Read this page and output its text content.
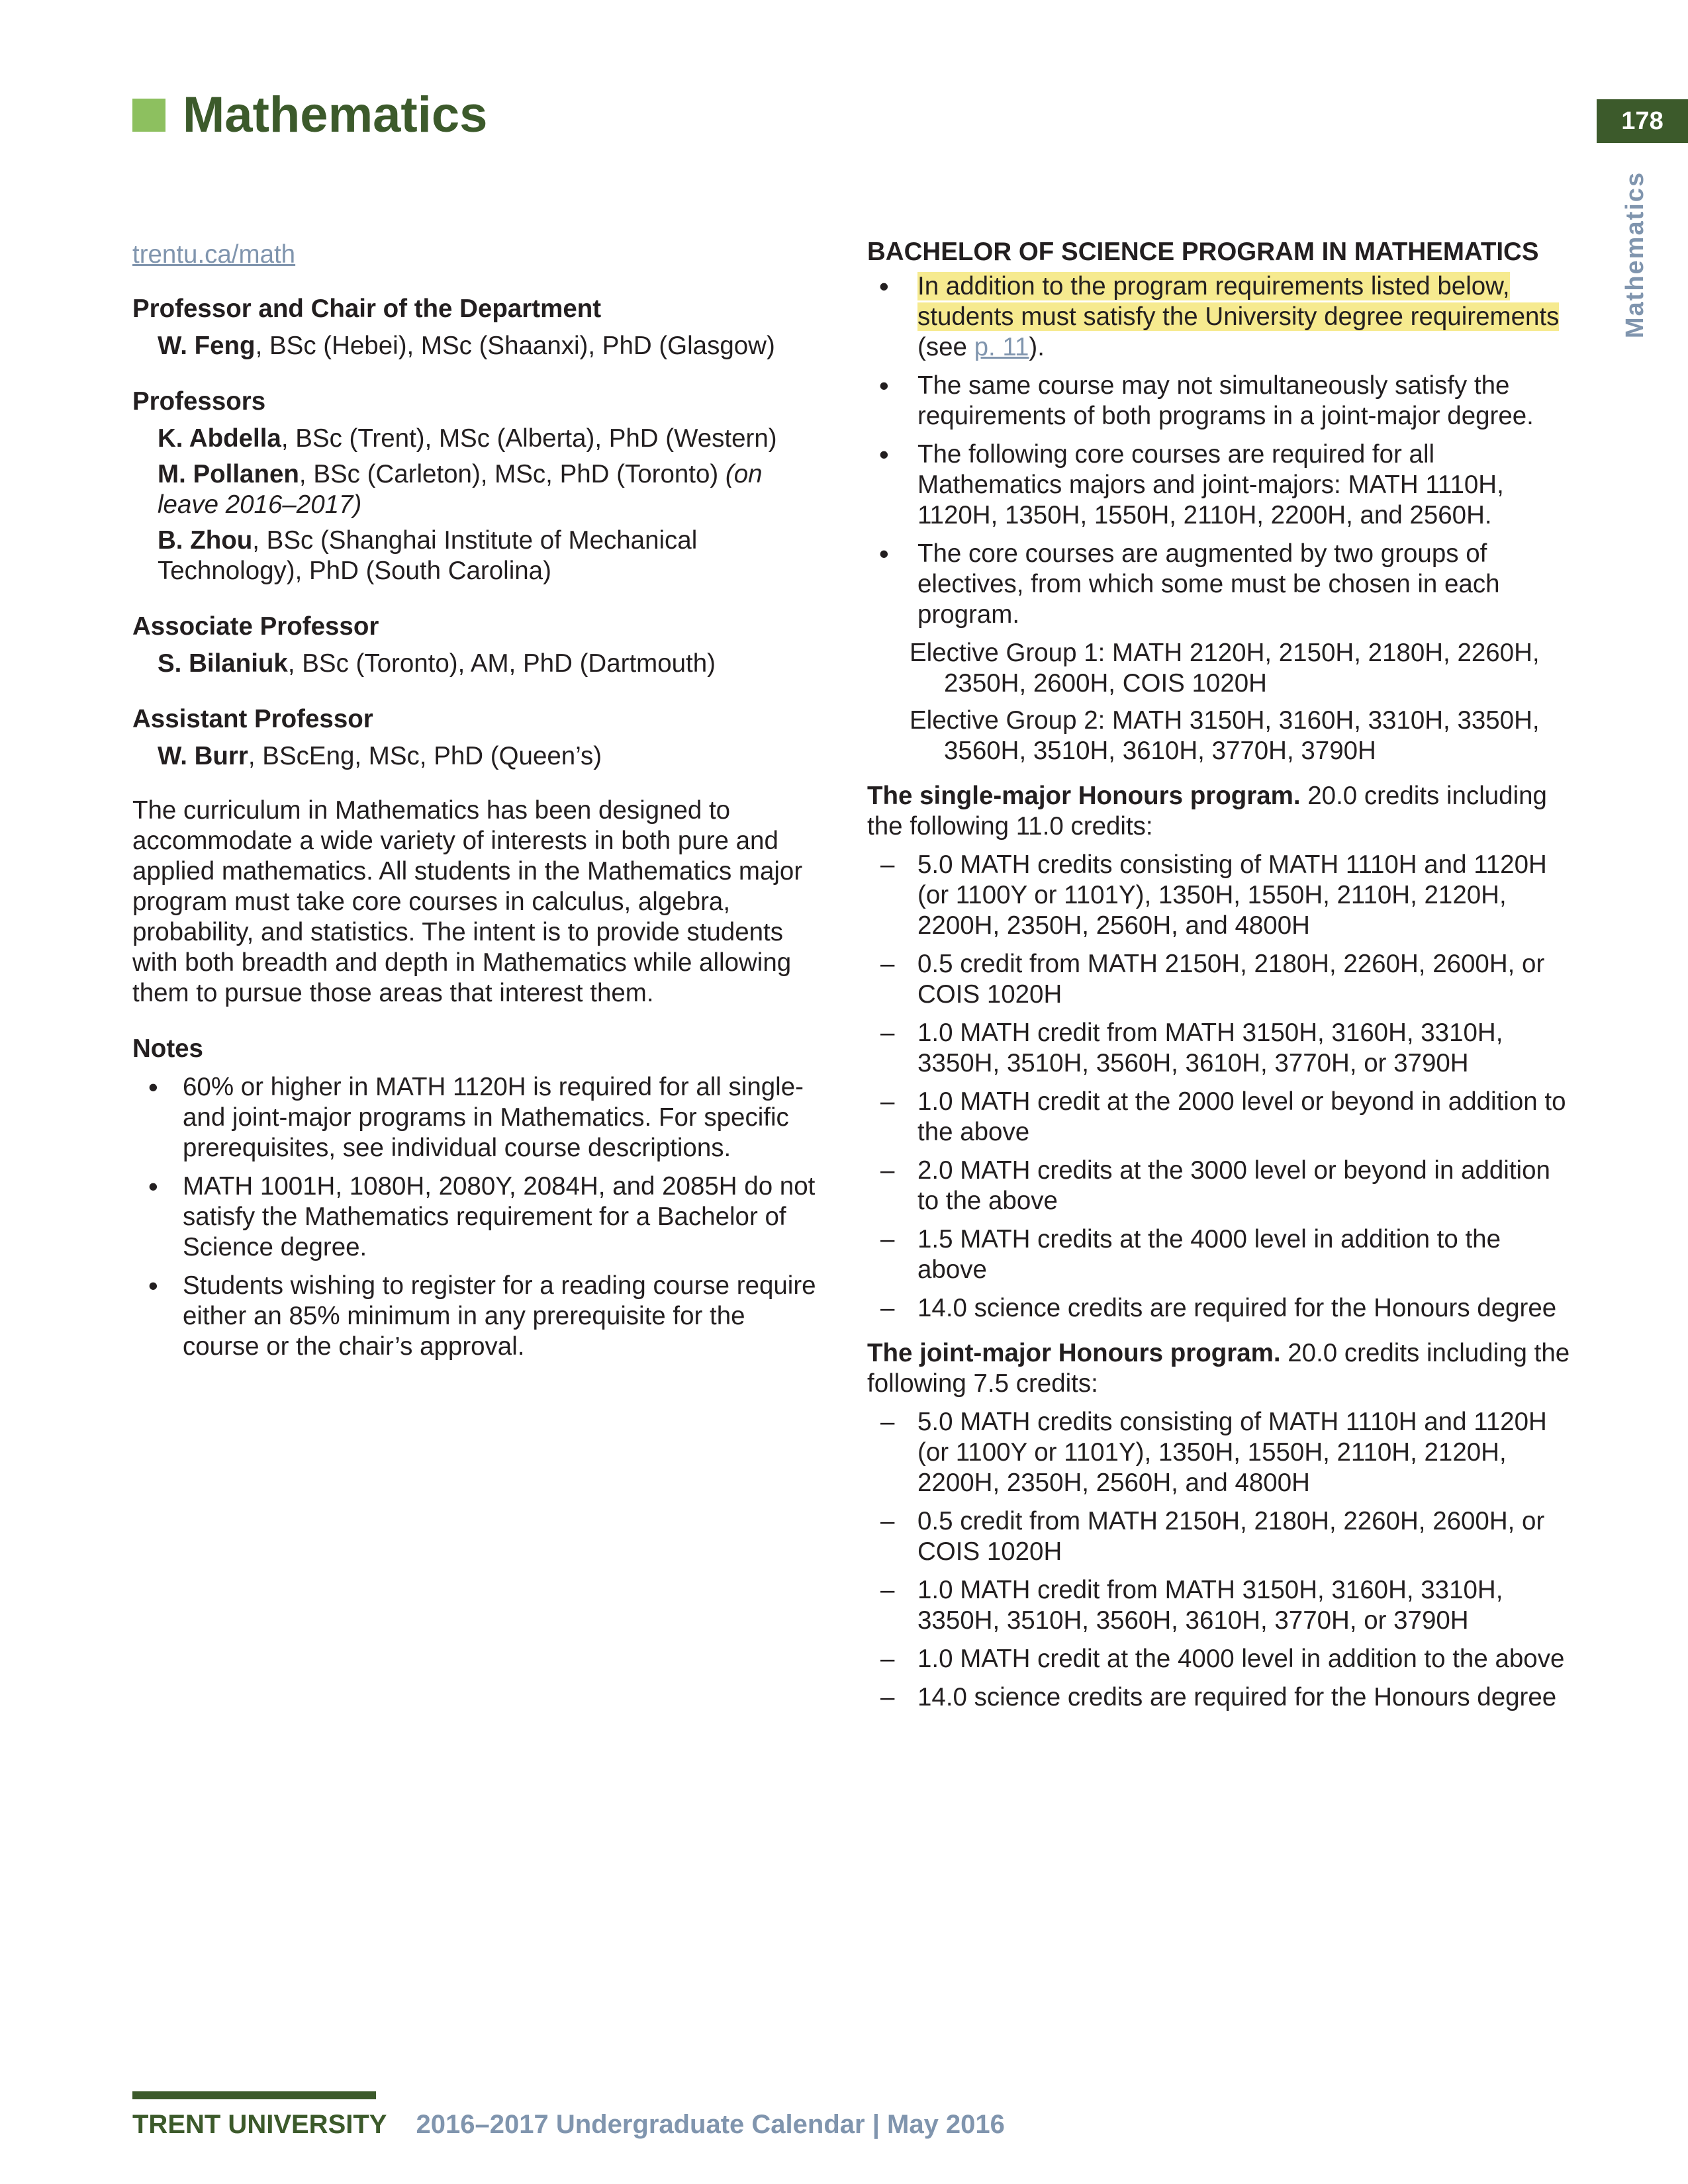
Mathematics	178
Mathematics
trentu.ca/math

Professor and Chair of the Department

W. Feng, BSc (Hebei), MSc (Shaanxi), PhD (Glasgow)

Professors

K. Abdella, BSc (Trent), MSc (Alberta), PhD (Western)

M. Pollanen, BSc (Carleton), MSc, PhD (Toronto) (on leave 2016–2017)

B. Zhou, BSc (Shanghai Institute of Mechanical Technology), PhD (South Carolina)

Associate Professor

S. Bilaniuk, BSc (Toronto), AM, PhD (Dartmouth)

Assistant Professor

W. Burr, BScEng, MSc, PhD (Queen’s)

The curriculum in Mathematics has been designed to accommodate a wide variety of interests in both pure and applied mathematics. All students in the Mathematics major program must take core courses in calculus, algebra, probability, and statistics. The intent is to provide students with both breadth and depth in Mathematics while allowing them to pursue those areas that interest them.

Notes

• 60% or higher in MATH 1120H is required for all single- and joint-major programs in Mathematics. For specific prerequisites, see individual course descriptions.
• MATH 1001H, 1080H, 2080Y, 2084H, and 2085H do not satisfy the Mathematics requirement for a Bachelor of Science degree.
• Students wishing to register for a reading course require either an 85% minimum in any prerequisite for the course or the chair’s approval.

BACHELOR OF SCIENCE PROGRAM IN MATHEMATICS

• In addition to the program requirements listed below, students must satisfy the University degree requirements (see p. 11).
• The same course may not simultaneously satisfy the requirements of both programs in a joint-major degree.
• The following core courses are required for all Mathematics majors and joint-majors: MATH 1110H, 1120H, 1350H, 1550H, 2110H, 2200H, and 2560H.
• The core courses are augmented by two groups of electives, from which some must be chosen in each program.

Elective Group 1: MATH 2120H, 2150H, 2180H, 2260H, 2350H, 2600H, COIS 1020H

Elective Group 2: MATH 3150H, 3160H, 3310H, 3350H, 3560H, 3510H, 3610H, 3770H, 3790H

The single-major Honours program. 20.0 credits including the following 11.0 credits:

– 5.0 MATH credits consisting of MATH 1110H and 1120H (or 1100Y or 1101Y), 1350H, 1550H, 2110H, 2120H, 2200H, 2350H, 2560H, and 4800H
– 0.5 credit from MATH 2150H, 2180H, 2260H, 2600H, or COIS 1020H
– 1.0 MATH credit from MATH 3150H, 3160H, 3310H, 3350H, 3510H, 3560H, 3610H, 3770H, or 3790H
– 1.0 MATH credit at the 2000 level or beyond in addition to the above
– 2.0 MATH credits at the 3000 level or beyond in addition to the above
– 1.5 MATH credits at the 4000 level in addition to the above
– 14.0 science credits are required for the Honours degree

The joint-major Honours program. 20.0 credits including the following 7.5 credits:

– 5.0 MATH credits consisting of MATH 1110H and 1120H (or 1100Y or 1101Y), 1350H, 1550H, 2110H, 2120H, 2200H, 2350H, 2560H, and 4800H
– 0.5 credit from MATH 2150H, 2180H, 2260H, 2600H, or COIS 1020H
– 1.0 MATH credit from MATH 3150H, 3160H, 3310H, 3350H, 3510H, 3560H, 3610H, 3770H, or 3790H
– 1.0 MATH credit at the 4000 level in addition to the above
– 14.0 science credits are required for the Honours degree
TRENT UNIVERSITY 2016–2017 Undergraduate Calendar | May 2016
